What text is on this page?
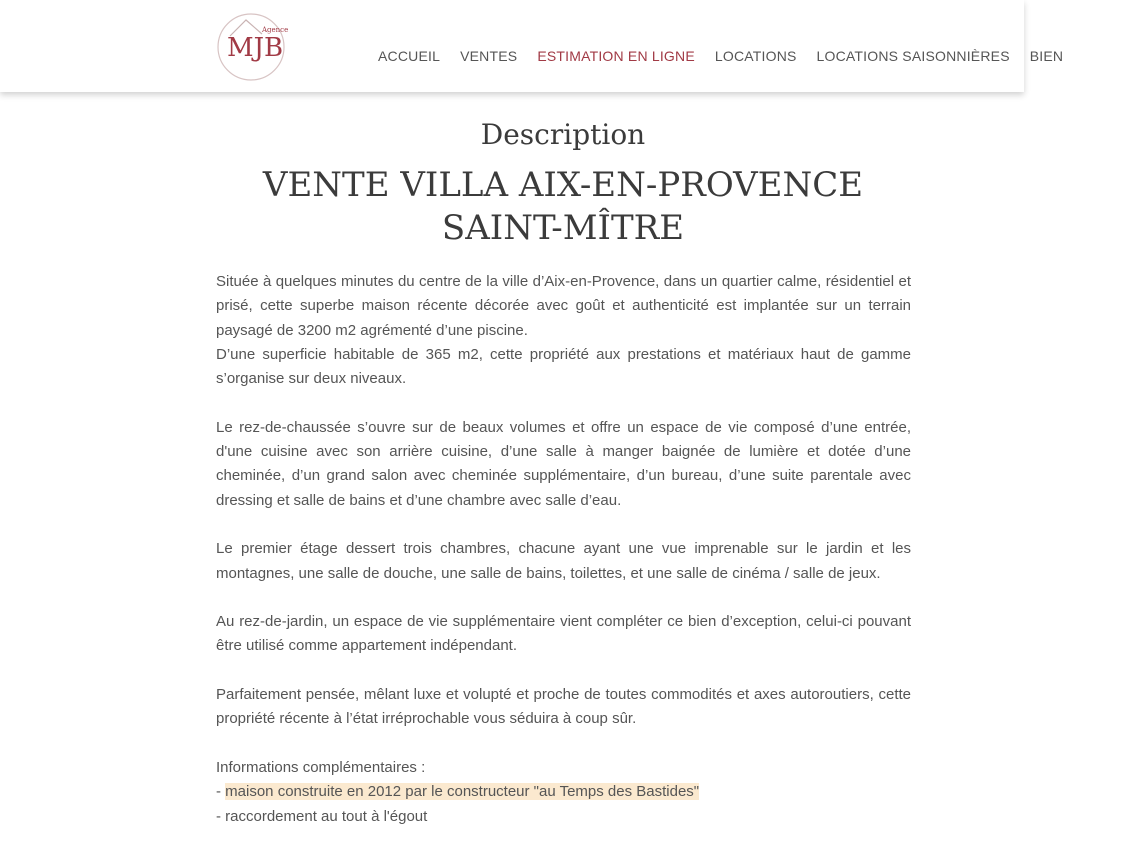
MJB
Agence
ACCUEIL	VENTES	ESTIMATION EN LIGNE	LOCATIONS	LOCATIONS SAISONNIÈRES	BIEN
Description
VENTE VILLA AIX-EN-PROVENCE
SAINT-MÎTRE

Située à quelques minutes du centre de la ville d’Aix-en-Provence, dans un quartier calme, résidentiel et prisé, cette superbe maison récente décorée avec goût et authenticité est implantée sur un terrain paysagé de 3200 m2 agrémenté d’une piscine.
D’une superficie habitable de 365 m2, cette propriété aux prestations et matériaux haut de gamme s’organise sur deux niveaux.

Le rez-de-chaussée s’ouvre sur de beaux volumes et offre un espace de vie composé d’une entrée, d'une cuisine avec son arrière cuisine, d’une salle à manger baignée de lumière et dotée d’une cheminée, d’un grand salon avec cheminée supplémentaire, d’un bureau, d’une suite parentale avec dressing et salle de bains et d’une chambre avec salle d’eau.

Le premier étage dessert trois chambres, chacune ayant une vue imprenable sur le jardin et les montagnes, une salle de douche, une salle de bains, toilettes, et une salle de cinéma / salle de jeux.

Au rez-de-jardin, un espace de vie supplémentaire vient compléter ce bien d’exception, celui-ci pouvant être utilisé comme appartement indépendant.

Parfaitement pensée, mêlant luxe et volupté et proche de toutes commodités et axes autoroutiers, cette propriété récente à l’état irréprochable vous séduira à coup sûr.

Informations complémentaires :
- maison construite en 2012 par le constructeur "au Temps des Bastides"
- raccordement au tout à l'égout
